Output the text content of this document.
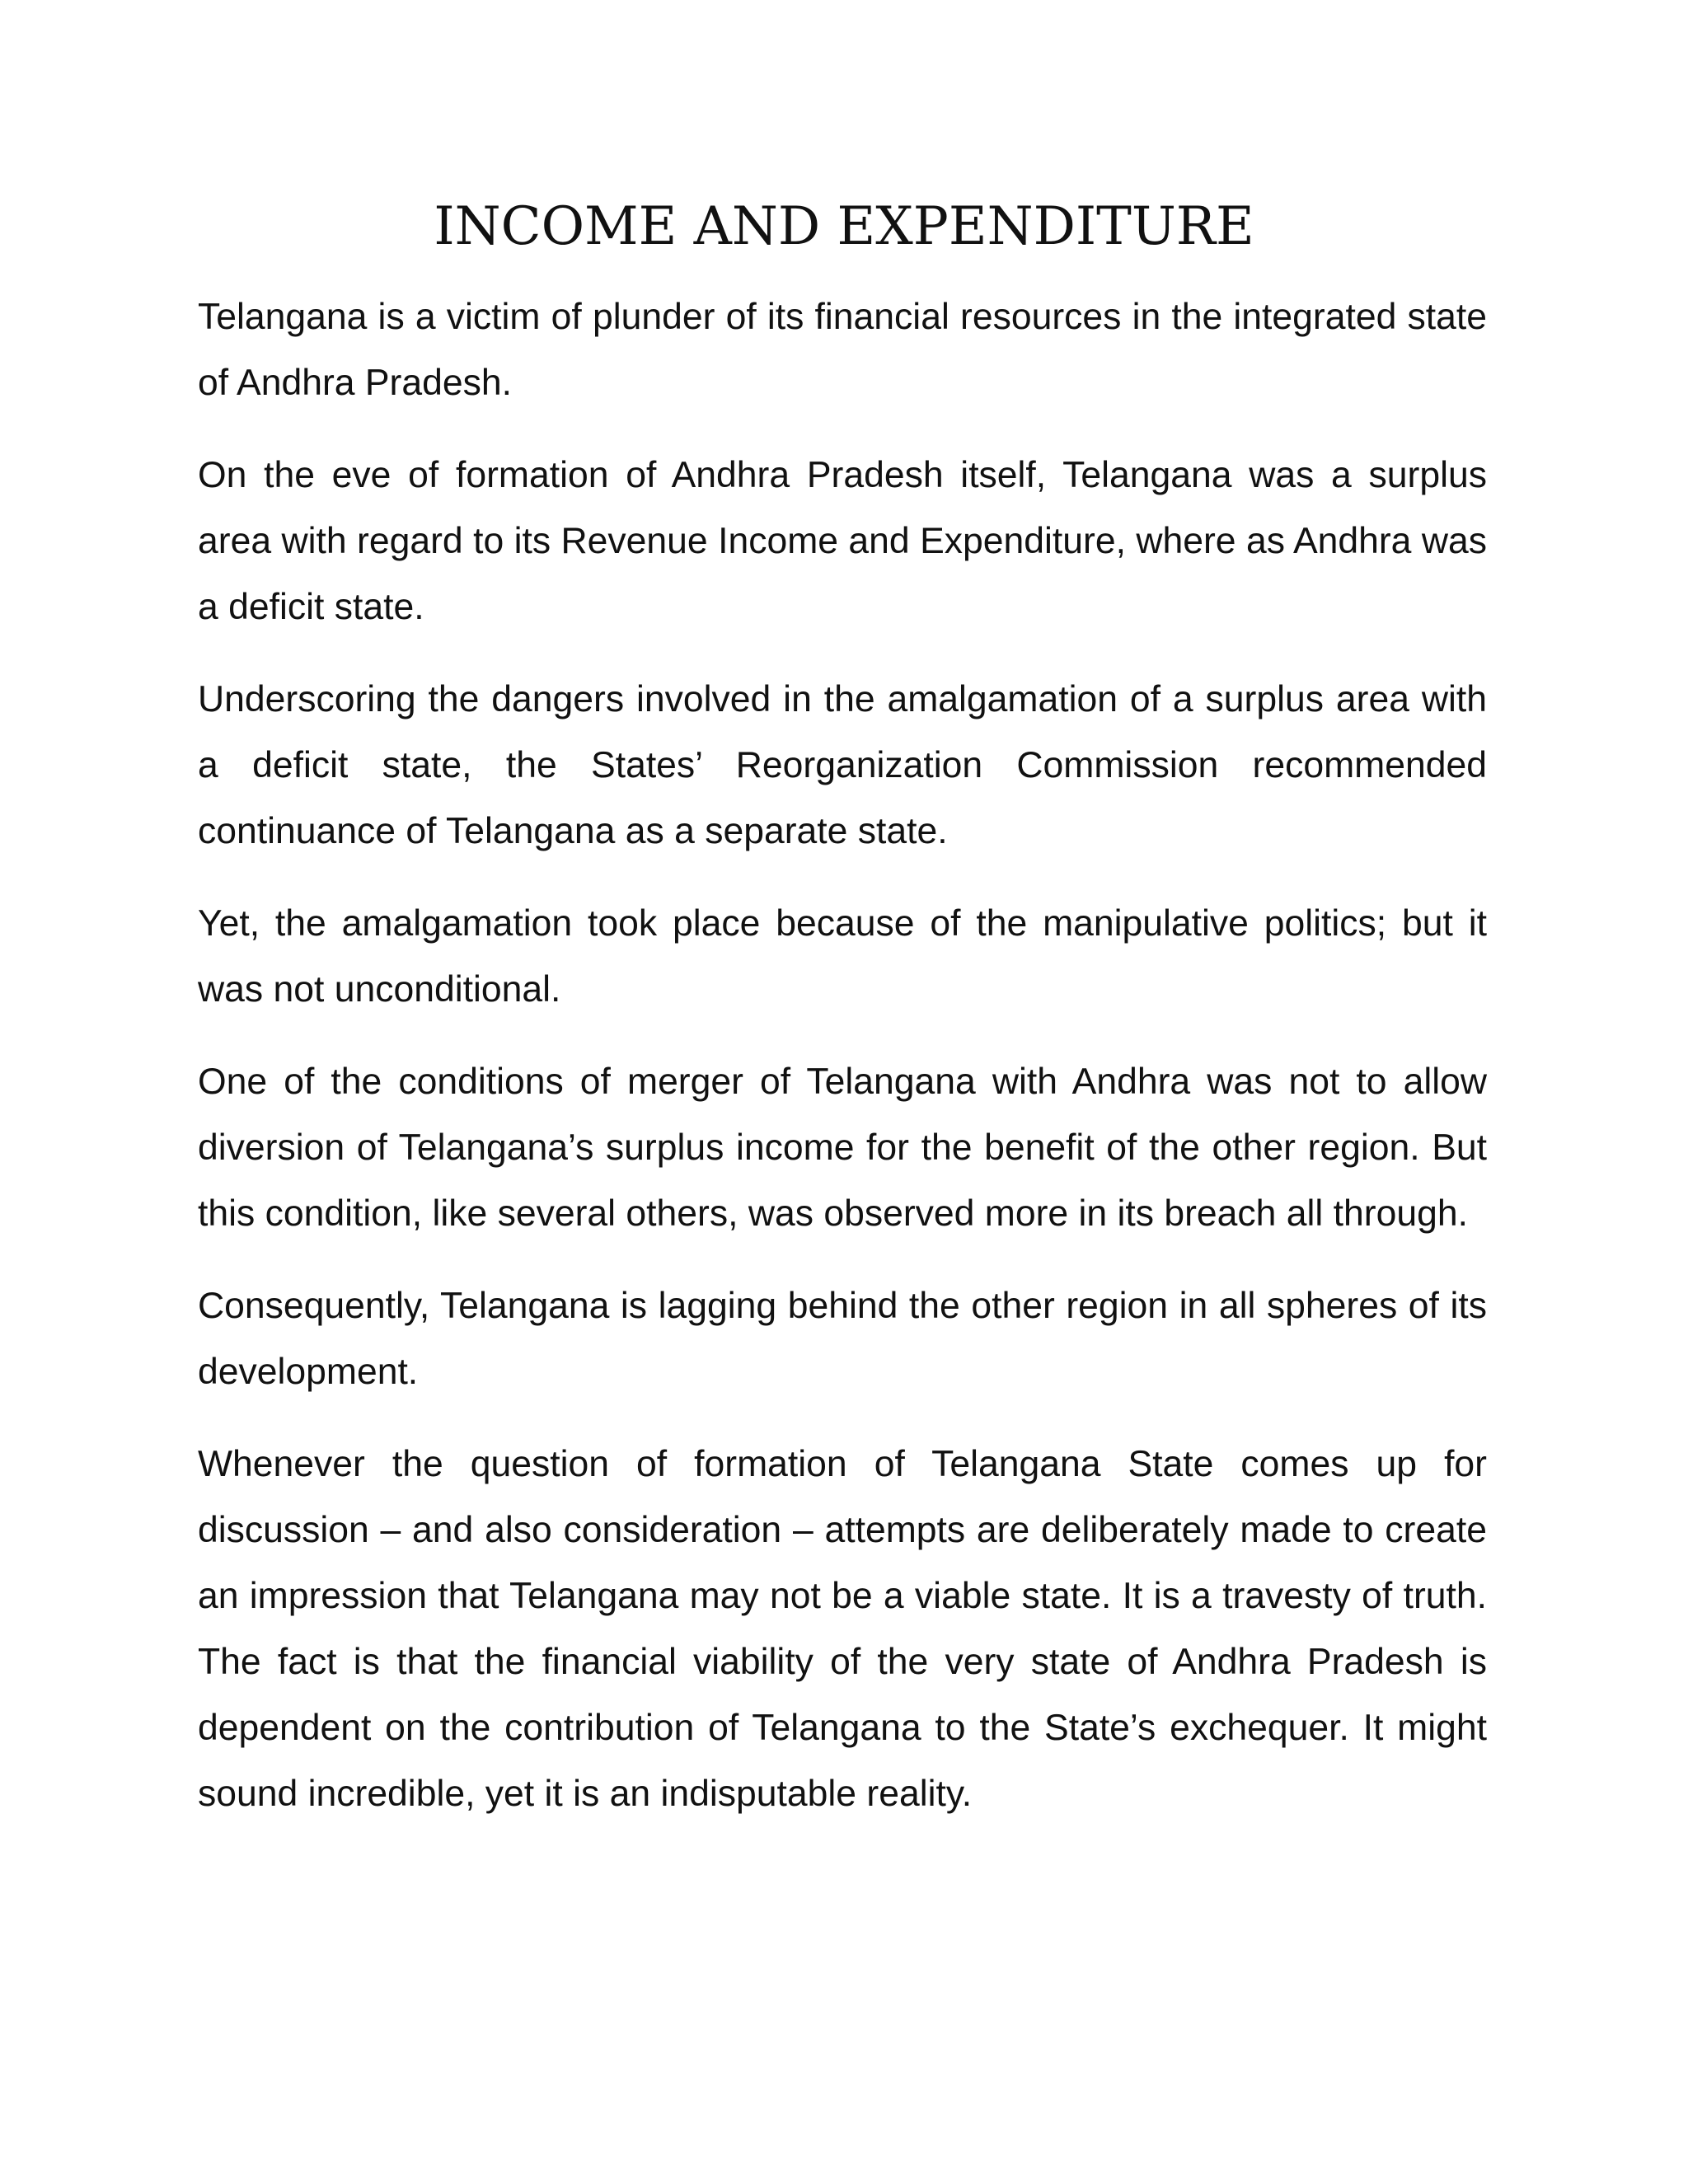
INCOME AND EXPENDITURE

Telangana is a victim of plunder of its financial resources in the integrated state of Andhra Pradesh.

On the eve of formation of Andhra Pradesh itself, Telangana was a surplus area with regard to its Revenue Income and Expenditure, where as Andhra was a deficit state.

Underscoring the dangers involved in the amalgamation of a surplus area with a deficit state, the States’ Reorganization Commission recommended continuance of Telangana as a separate state.

Yet, the amalgamation took place because of the manipulative politics; but it was not unconditional.

One of the conditions of merger of Telangana with Andhra was not to allow diversion of Telangana’s surplus income for the benefit of the other region. But this condition, like several others, was observed more in its breach all through.

Consequently, Telangana is lagging behind the other region in all spheres of its development.

Whenever the question of formation of Telangana State comes up for discussion – and also consideration – attempts are deliberately made to create an impression that Telangana may not be a viable state. It is a travesty of truth. The fact is that the financial viability of the very state of Andhra Pradesh is dependent on the contribution of Telangana to the State’s exchequer. It might sound incredible, yet it is an indisputable reality.
